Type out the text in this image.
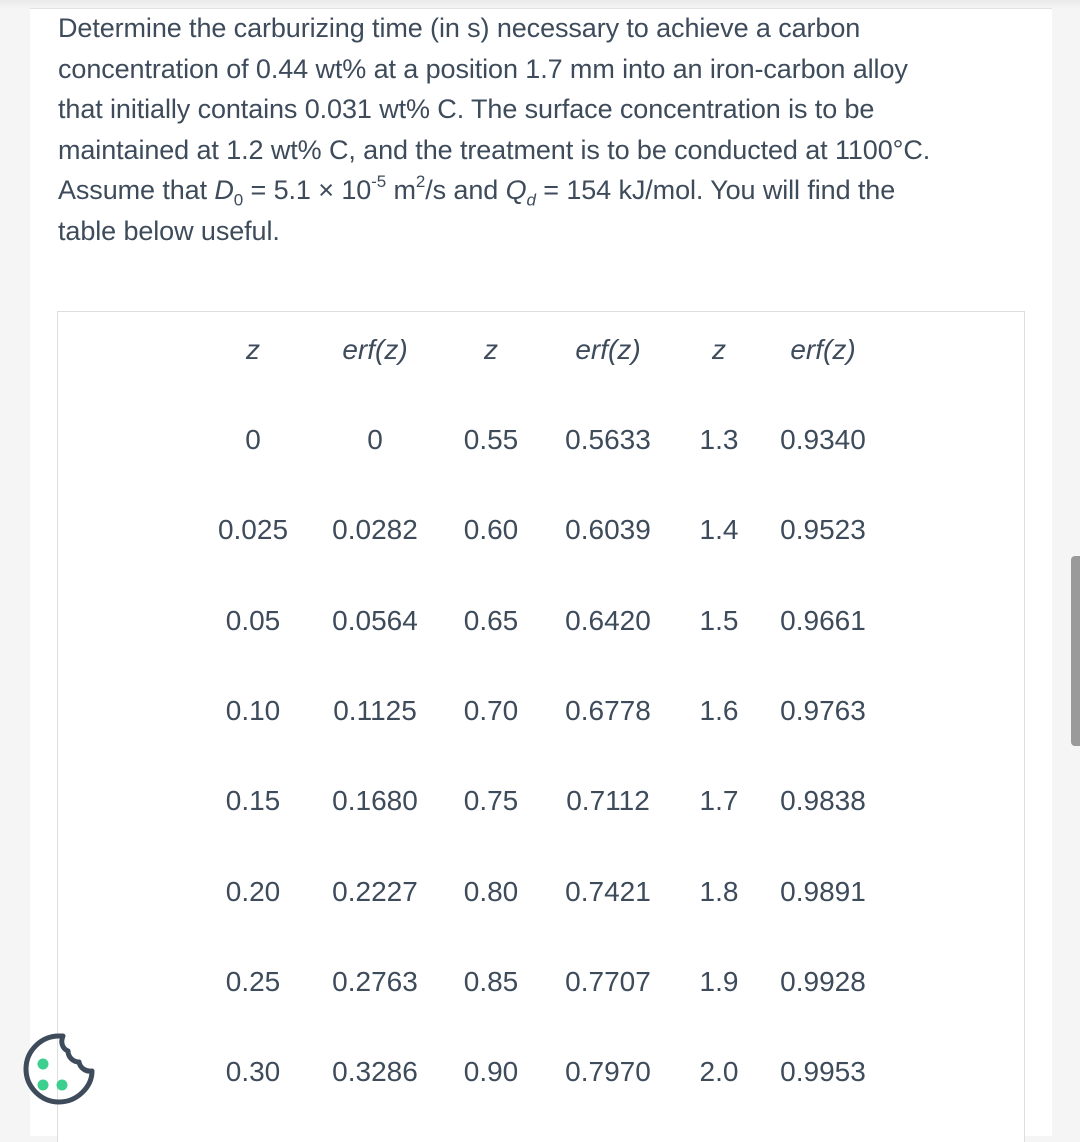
Determine the carburizing time (in s) necessary to achieve a carbon
concentration of 0.44 wt% at a position 1.7 mm into an iron-carbon alloy
that initially contains 0.031 wt% C. The surface concentration is to be
maintained at 1.2 wt% C, and the treatment is to be conducted at 1100°C.
Assume that $D_0 = 5.1 \times 10^{-5}$ $m^2/s$ and $Q_d = 154$ kJ/mol. You will find the
table below useful.
z	erf(z)	z	erf(z)	z	erf(z)
0	0	0.55	0.5633	1.3	0.9340
0.025	0.0282	0.60	0.6039	1.4	0.9523
0.05	0.0564	0.65	0.6420	1.5	0.9661
0.10	0.1125	0.70	0.6778	1.6	0.9763
0.15	0.1680	0.75	0.7112	1.7	0.9838
0.20	0.2227	0.80	0.7421	1.8	0.9891
0.25	0.2763	0.85	0.7707	1.9	0.9928
0.30	0.3286	0.90	0.7970	2.0	0.9953
